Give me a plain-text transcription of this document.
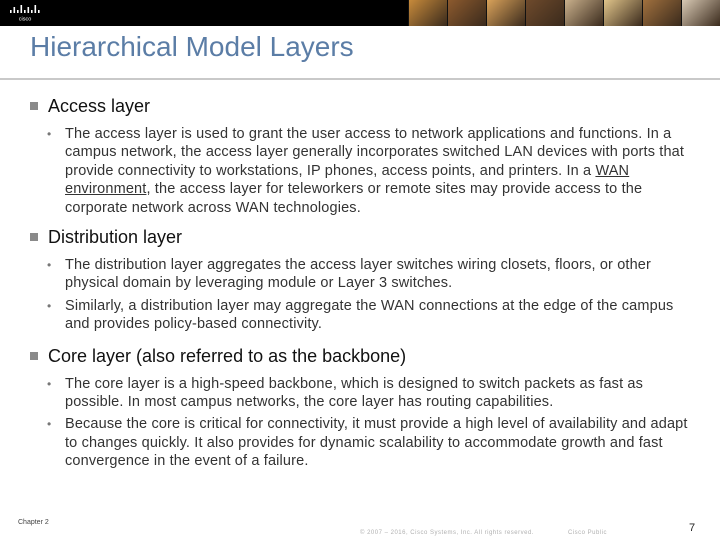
cisco
Hierarchical Model Layers
Access layer
• The access layer is used to grant the user access to network applications and functions. In a campus network, the access layer generally incorporates switched LAN devices with ports that provide connectivity to workstations, IP phones, access points, and printers. In a WAN environment, the access layer for teleworkers or remote sites may provide access to the corporate network across WAN technologies.
Distribution layer
• The distribution layer aggregates the access layer switches wiring closets, floors, or other physical domain by leveraging module or Layer 3 switches.
• Similarly, a distribution layer may aggregate the WAN connections at the edge of the campus and provides policy-based connectivity.
Core layer (also referred to as the backbone)
• The core layer is a high-speed backbone, which is designed to switch packets as fast as possible. In most campus networks, the core layer has routing capabilities.
• Because the core is critical for connectivity, it must provide a high level of availability and adapt to changes quickly. It also provides for dynamic scalability to accommodate growth and fast convergence in the event of a failure.
Chapter 2
© 2007 – 2016, Cisco Systems, Inc. All rights reserved.	Cisco Public	7
